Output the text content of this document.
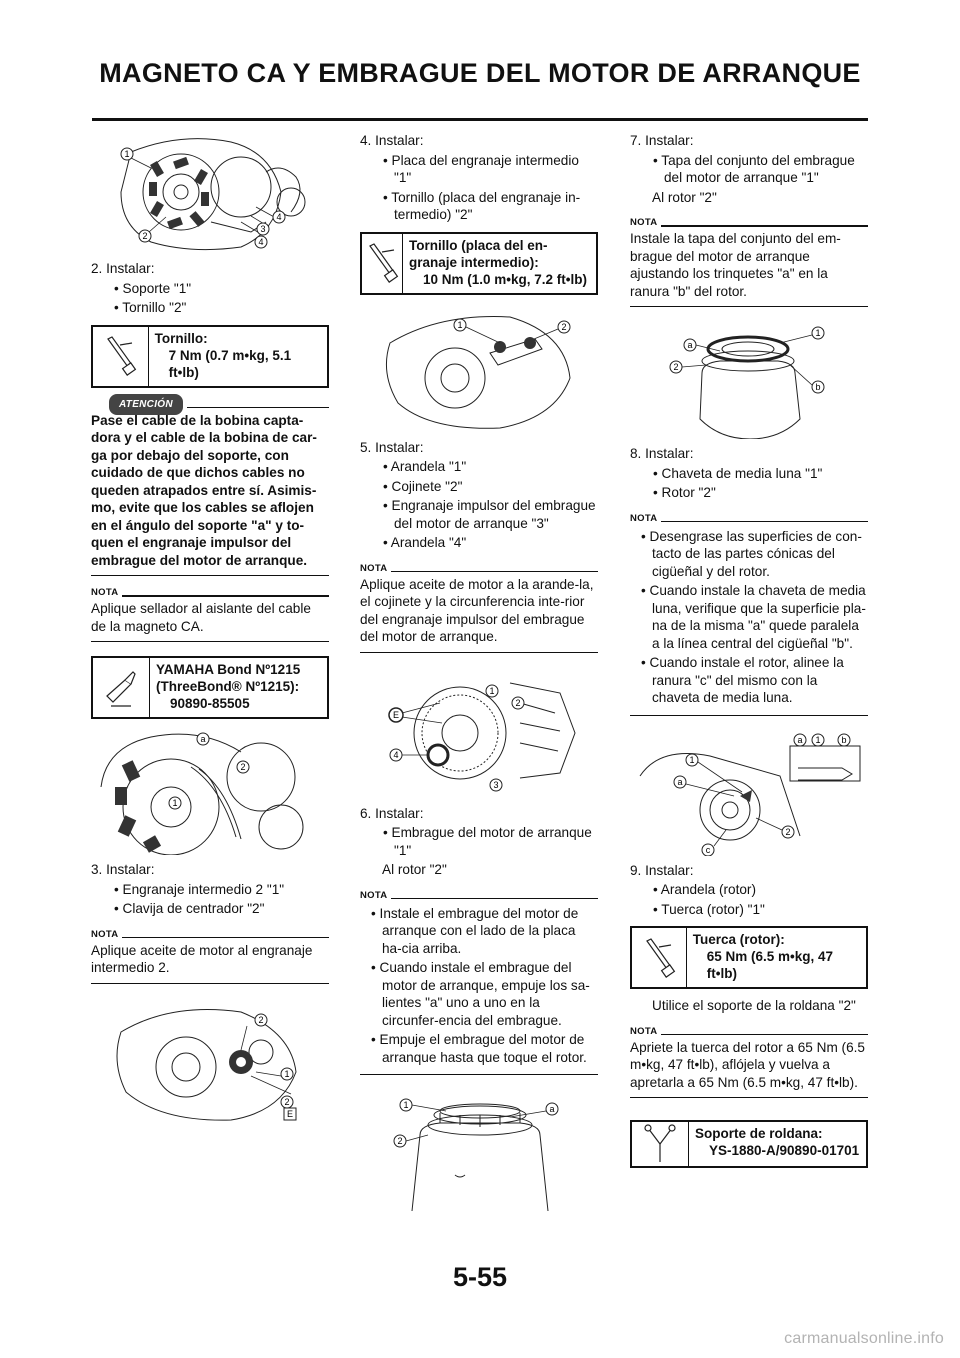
MAGNETO CA Y EMBRAGUE DEL MOTOR DE ARRANQUE
1
2
4
3
4
2. Instalar:
• Soporte "1"
• Tornillo "2"
Tornillo:
7 Nm (0.7 m•kg, 5.1 ft•lb)
ATENCIÓN
Pase el cable de la bobina capta-dora y el cable de la bobina de car-ga por debajo del soporte, con cuidado de que dichos cables no queden atrapados entre sí. Asimis-mo, evite que los cables se aflojen en el ángulo del soporte "a" y to-quen el engranaje impulsor del embrague del motor de arranque.
NOTA
Aplique sellador al aislante del cable de la magneto CA.
YAMAHA Bond Nº1215
(ThreeBond® Nº1215):
90890-85505
a
2
1
3. Instalar:
• Engranaje intermedio 2 "1"
• Clavija de centrador "2"
NOTA
Aplique aceite de motor al engranaje intermedio 2.
2
1
2
E
4. Instalar:
• Placa del engranaje intermedio "1"
• Tornillo (placa del engranaje in-termedio) "2"
Tornillo (placa del en-granaje intermedio):
10 Nm (1.0 m•kg, 7.2 ft•lb)
1	2
5. Instalar:
• Arandela "1"
• Cojinete "2"
• Engranaje impulsor del embrague del motor de arranque "3"
• Arandela "4"
NOTA
Aplique aceite de motor a la arande-la, el cojinete y la circunferencia inte-rior del engranaje impulsor del embrague del motor de arranque.
1
2
3
4
E
6. Instalar:
• Embrague del motor de arranque "1"
Al rotor "2"
NOTA
• Instale el embrague del motor de arranque con el lado de la placa ha-cia arriba.
• Cuando instale el embrague del motor de arranque, empuje los sa-lientes "a" uno a uno en la circunfer-encia del embrague.
• Empuje el embrague del motor de arranque hasta que toque el rotor.
1
2
a
7. Instalar:
• Tapa del conjunto del embrague del motor de arranque "1"
Al rotor "2"
NOTA
Instale la tapa del conjunto del em-brague del motor de arranque ajustando los trinquetes "a" en la ranura "b" del rotor.
a
2
1
b
8. Instalar:
• Chaveta de media luna "1"
• Rotor "2"
NOTA
• Desengrase las superficies de con-tacto de las partes cónicas del cigüeñal y del rotor.
• Cuando instale la chaveta de media luna, verifique que la superficie pla-na de la misma "a" quede paralela a la línea central del cigüeñal "b".
• Cuando instale el rotor, alinee la ranura "c" del mismo con la chaveta de media luna.
a 1 b
1
a
c
2
9. Instalar:
• Arandela (rotor)
• Tuerca (rotor) "1"
Tuerca (rotor):
65 Nm (6.5 m•kg, 47 ft•lb)
Utilice el soporte de la roldana "2"
NOTA
Apriete la tuerca del rotor a 65 Nm (6.5 m•kg, 47 ft•lb), aflójela y vuelva a apretarla a 65 Nm (6.5 m•kg, 47 ft•lb).
Soporte de roldana:
YS-1880-A/90890-01701
5-55
carmanualsonline.info
